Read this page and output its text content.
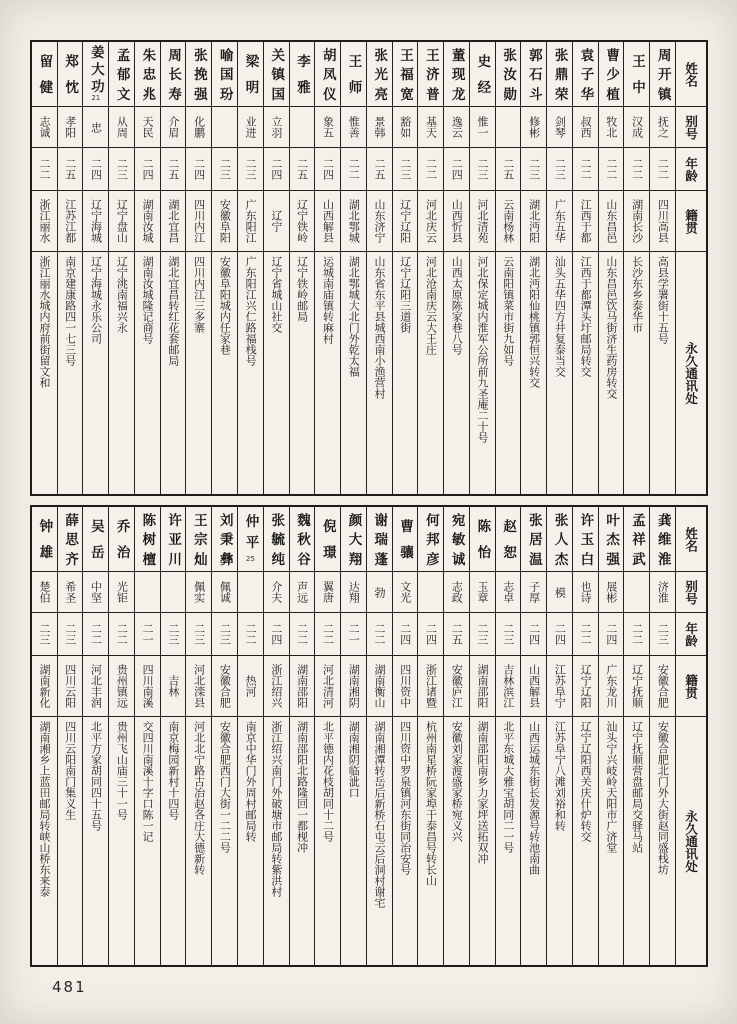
姓名
别号
年龄
籍贯
永久通讯处
周
开
镇
抚之
二二
四川高县
高县学署街十五号
王
中
汉成
二二
湖南长沙
长沙东乡泰华市
曹
少
植
牧北
二二
山东昌邑
山东昌邑饮马街济生药房转交
袁
子
华
叔西
二二
江西于都
江西于都潭头圩邮局转交
张
鼎
荣
剑琴
二三
广东五华
汕头五华四方井复泰当交
郭
石
斗
修彬
二三
湖北沔阳
湖北沔阳仙桃镇郭恒兴转交
张
汝
勋
二五
云南杨林
云南阳镇菜市街九如号
史
经
惟一
二三
河北清苑
河北保定城内淮军公所前九圣庵二十号
董
现
龙
逸云
二四
山西忻县
山西太原陈家巷八号
王
济
普
基天
二二
河北庆云
河北沧南庆云大王庄
王
福
宽
豁如
二三
辽宁辽阳
辽宁辽阳三道街
张
光
亮
景韩
二五
山东济宁
山东省东平县城西南小渔营村
王
师
惟善
二二
湖北鄂城
湖北鄂城大北门外乾太福
胡
凤
仪
象五
二四
山西解县
运城南庙镇转麻村
李
雅
二五
辽宁铁岭
辽宁铁岭邮局
关
镇
国
立羽
二四
辽宁
辽宁省城山社交
梁
明
业进
二三
广东阳江
广东阳江兴仁路福栈号
喻
国
玢
二三
安徽阜阳
安徽阜阳城内任家巷
张
挽
强
化鹏
二四
四川内江
四川内江三多寨
周
长
寿
介眉
二五
湖北宜昌
湖北宜昌转红花套邮局
朱
忠
兆
天民
二四
湖南汝城
湖南汝城隆记商号
孟
郁
文
从周
二三
辽宁盘山
辽宁洮南福兴永
姜
大
功
21
忠
二四
辽宁海城
辽宁海城永乐公司
郑
忱
孝阳
二五
江苏江都
南京建康路四一七三号
留
健
志诚
二二
浙江丽水
浙江丽水城内府前街留文和
姓名
别号
年龄
籍贯
永久通讯处
龚
维
淮
济淮
二三
安徽合肥
安徽合肥北门外大街赵同盛栈坊
孟
祥
武
二二
辽宁抚顺
辽宁抚顺营盘邮局交驿马站
叶
杰
强
展彬
二四
广东龙川
汕头宁兴岐岭天阳市广济堂
许
玉
白
也诗
二二
辽宁辽阳
辽宁辽阳西关庆什炉转交
张
人
杰
模
二四
江苏阜宁
江苏阜宁八滩刘裕和转
张
居
温
子厚
二四
山西解县
山西运城东街长发源号转池南曲
赵
恕
志卓
二三
吉林滨江
北平东城大雅宝胡同二一号
陈
怡
玉章
二三
湖南邵阳
湖南邵阳南乡力家坪送拓双冲
宛
敏
诚
志政
二五
安徽庐江
安徽刘家渡盛家桥宛义兴
何
邦
彦
二四
浙江诸暨
杭州南星桥阮家埠干泰昌号转长山
曹
骧
文光
二四
四川资中
四川资中罗泉镇河东街同治安号
谢
瑞
蓬
勃
二二
湖南衡山
湖南湘潭转岳后新桥石屯云后洞村谢宅
颜
大
翔
达翔
二一
湖南湘阴
湖南湘阴临泚口
倪
璟
翼唐
二二
河北清河
北平德内花枝胡同十二号
魏
秋
谷
声远
二二
湖南邵阳
湖南邵阳北路隆回一都枧冲
张
毓
纯
介夫
二四
浙江绍兴
浙江绍兴南门外破塘市邮局转紫洪村
仲
平
25
二二
热河
南京中华门外周村邮局转
刘
秉
彝
佩诚
二三
安徽合肥
安徽合肥西门大街一二二号
王
宗
灿
佩实
二三
河北滦县
河北北宁路古冶赵各庄大德新转
许
亚
川
二三
吉林
南京梅园新村十四号
陈
树
檀
二一
四川南溪
交四川南溪十字口陈一记
乔
治
光钜
二二
贵州镇远
贵州飞山庙三十一号
吴
岳
中坚
二二
河北丰润
北平方家胡同四十五号
薛
思
齐
希圣
二三
四川云阳
四川云阳南门集义生
钟
雄
楚伯
二三
湖南新化
湖南湘乡上蓝田邮局转峡山桥东来泰
481
